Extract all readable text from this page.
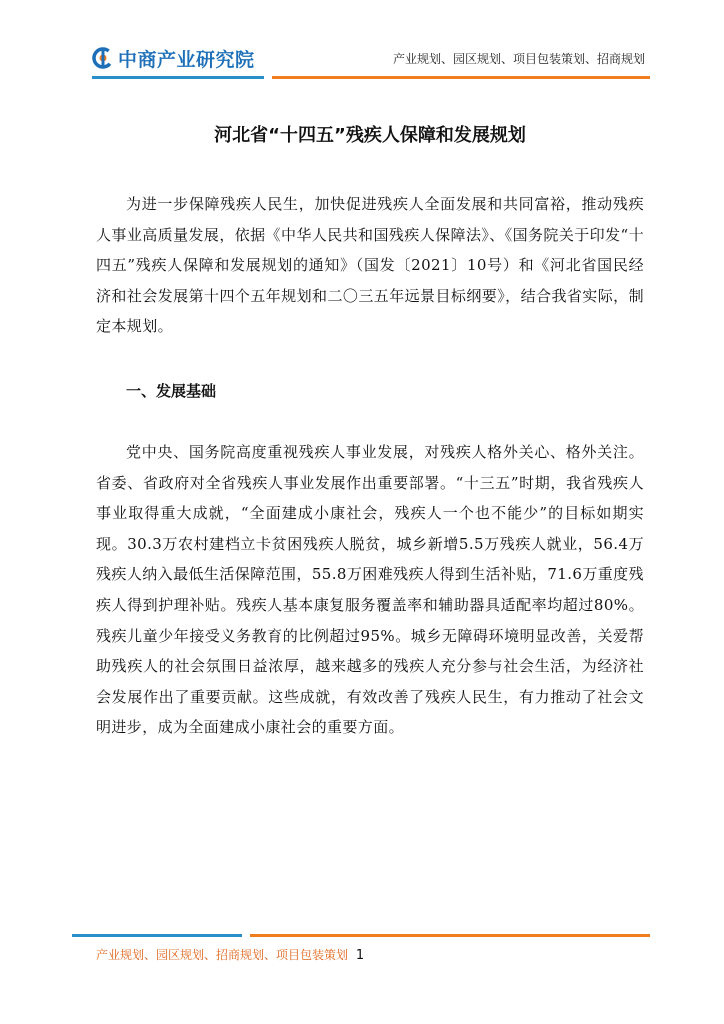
中商产业研究院	产业规划、园区规划、项目包装策划、招商规划
河北省“十四五”残疾人保障和发展规划

为进一步保障残疾人民生，加快促进残疾人全面发展和共同富裕，推动残疾人事业高质量发展，依据《中华人民共和国残疾人保障法》、《国务院关于印发“十四五”残疾人保障和发展规划的通知》（国发〔2021〕10号）和《河北省国民经济和社会发展第十四个五年规划和二〇三五年远景目标纲要》，结合我省实际，制定本规划。

一、发展基础

党中央、国务院高度重视残疾人事业发展，对残疾人格外关心、格外关注。省委、省政府对全省残疾人事业发展作出重要部署。“十三五”时期，我省残疾人事业取得重大成就，“全面建成小康社会，残疾人一个也不能少”的目标如期实现。30.3万农村建档立卡贫困残疾人脱贫，城乡新增5.5万残疾人就业，56.4万残疾人纳入最低生活保障范围，55.8万困难残疾人得到生活补贴，71.6万重度残疾人得到护理补贴。残疾人基本康复服务覆盖率和辅助器具适配率均超过80%。残疾儿童少年接受义务教育的比例超过95%。城乡无障碍环境明显改善，关爱帮助残疾人的社会氛围日益浓厚，越来越多的残疾人充分参与社会生活，为经济社会发展作出了重要贡献。这些成就，有效改善了残疾人民生，有力推动了社会文明进步，成为全面建成小康社会的重要方面。

产业规划、园区规划、招商规划、项目包装策划 1
